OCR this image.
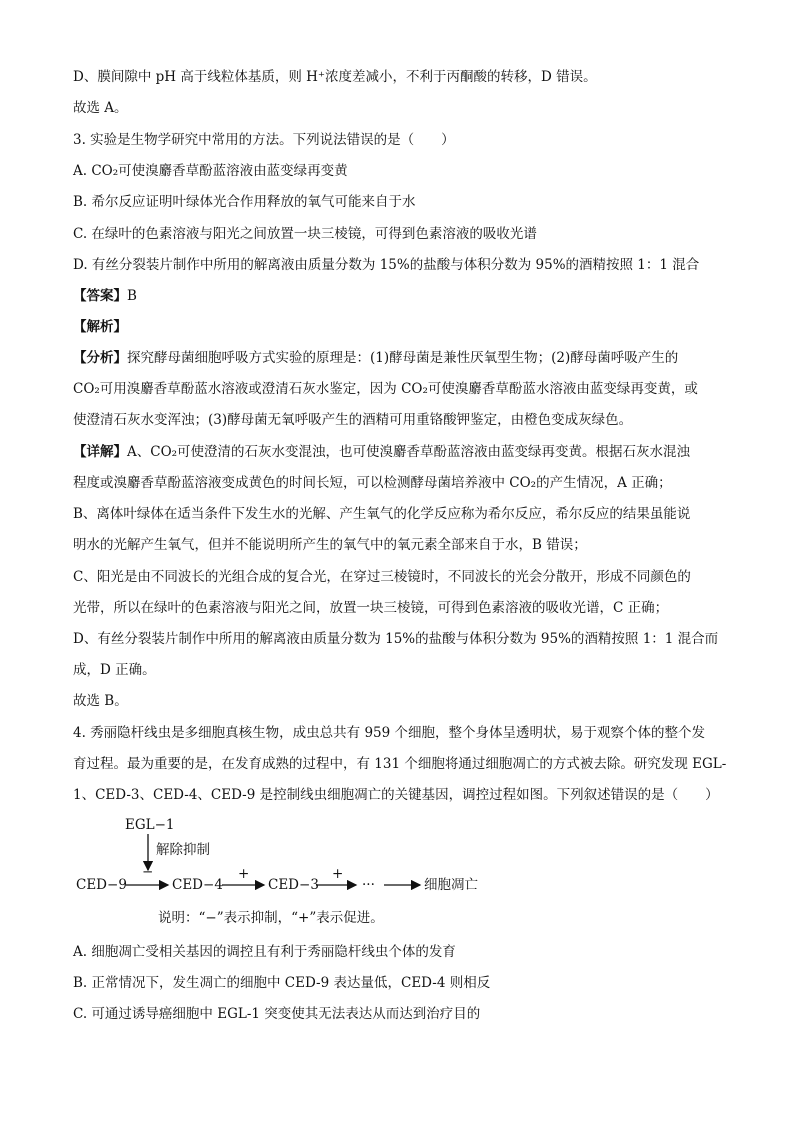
D、膜间隙中 pH 高于线粒体基质，则 H⁺浓度差减小，不利于丙酮酸的转移，D 错误。
故选 A。
3. 实验是生物学研究中常用的方法。下列说法错误的是（　　）
A. CO₂可使溴麝香草酚蓝溶液由蓝变绿再变黄
B. 希尔反应证明叶绿体光合作用释放的氧气可能来自于水
C. 在绿叶的色素溶液与阳光之间放置一块三棱镜，可得到色素溶液的吸收光谱
D. 有丝分裂装片制作中所用的解离液由质量分数为 15%的盐酸与体积分数为 95%的酒精按照 1：1 混合
【答案】B
【解析】
【分析】探究酵母菌细胞呼吸方式实验的原理是：(1)酵母菌是兼性厌氧型生物；(2)酵母菌呼吸产生的
CO₂可用溴麝香草酚蓝水溶液或澄清石灰水鉴定，因为 CO₂可使溴麝香草酚蓝水溶液由蓝变绿再变黄，或
使澄清石灰水变浑浊；(3)酵母菌无氧呼吸产生的酒精可用重铬酸钾鉴定，由橙色变成灰绿色。
【详解】A、CO₂可使澄清的石灰水变混浊，也可使溴麝香草酚蓝溶液由蓝变绿再变黄。根据石灰水混浊
程度或溴麝香草酚蓝溶液变成黄色的时间长短，可以检测酵母菌培养液中 CO₂的产生情况，A 正确；
B、离体叶绿体在适当条件下发生水的光解、产生氧气的化学反应称为希尔反应，希尔反应的结果虽能说
明水的光解产生氧气，但并不能说明所产生的氧气中的氧元素全部来自于水，B 错误；
C、阳光是由不同波长的光组合成的复合光，在穿过三棱镜时，不同波长的光会分散开，形成不同颜色的
光带，所以在绿叶的色素溶液与阳光之间，放置一块三棱镜，可得到色素溶液的吸收光谱，C 正确；
D、有丝分裂装片制作中所用的解离液由质量分数为 15%的盐酸与体积分数为 95%的酒精按照 1：1 混合而
成，D 正确。
故选 B。
4. 秀丽隐杆线虫是多细胞真核生物，成虫总共有 959 个细胞，整个身体呈透明状，易于观察个体的整个发
育过程。最为重要的是，在发育成熟的过程中，有 131 个细胞将通过细胞凋亡的方式被去除。研究发现 EGL-
1、CED-3、CED-4、CED-9 是控制线虫细胞凋亡的关键基因，调控过程如图。下列叙述错误的是（　　）
EGL−1
解除抑制
−	+	+
CED−9	CED−4	CED−3	···	细胞凋亡
说明：“−”表示抑制，“+”表示促进。
A. 细胞凋亡受相关基因的调控且有利于秀丽隐杆线虫个体的发育
B. 正常情况下，发生凋亡的细胞中 CED-9 表达量低，CED-4 则相反
C. 可通过诱导癌细胞中 EGL-1 突变使其无法表达从而达到治疗目的
